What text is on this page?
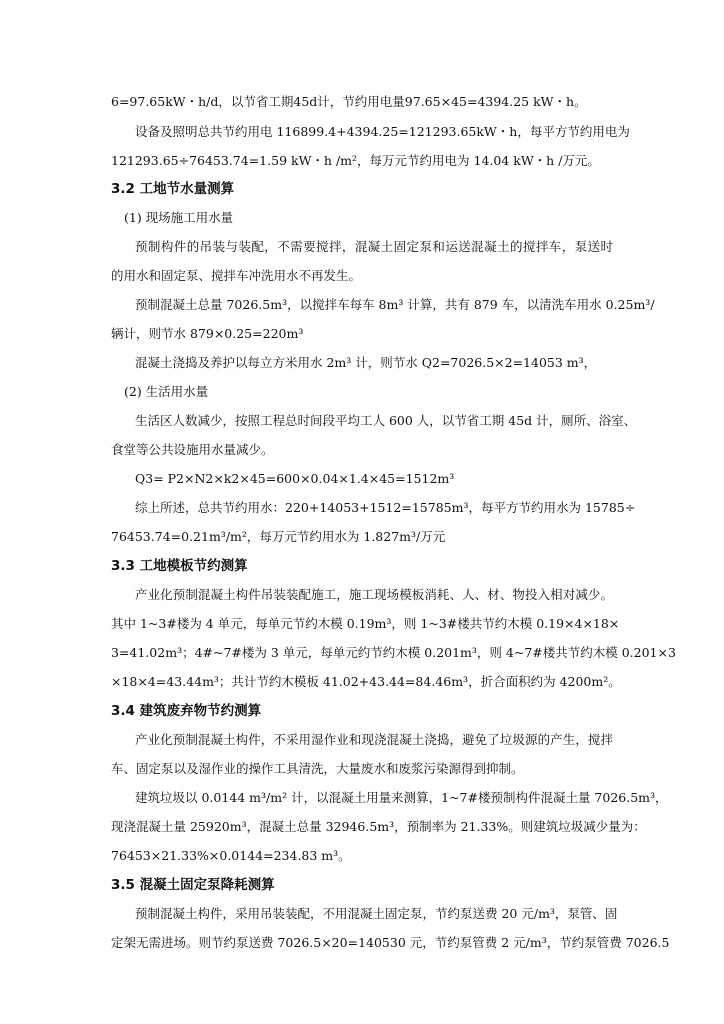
6=97.65kW・h/d，以节省工期45d计，节约用电量97.65×45=4394.25 kW・h。
设备及照明总共节约用电 116899.4+4394.25=121293.65kW・h，每平方节约用电为
121293.65÷76453.74=1.59 kW・h /m²，每万元节约用电为 14.04 kW・h /万元。
3.2 工地节水量测算
(1) 现场施工用水量
预制构件的吊装与装配，不需要搅拌，混凝土固定泵和运送混凝土的搅拌车，泵送时
的用水和固定泵、搅拌车冲洗用水不再发生。
预制混凝土总量 7026.5m³，以搅拌车每车 8m³ 计算，共有 879 车，以清洗车用水 0.25m³/
辆计，则节水 879×0.25=220m³
混凝土浇捣及养护以每立方米用水 2m³ 计，则节水 Q2=7026.5×2=14053 m³，
(2) 生活用水量
生活区人数减少，按照工程总时间段平均工人 600 人，以节省工期 45d 计，厕所、浴室、
食堂等公共设施用水量减少。
Q3= P2×N2×k2×45=600×0.04×1.4×45=1512m³
综上所述，总共节约用水：220+14053+1512=15785m³，每平方节约用水为 15785÷
76453.74=0.21m³/m²，每万元节约用水为 1.827m³/万元
3.3 工地模板节约测算
产业化预制混凝土构件吊装装配施工，施工现场模板消耗、人、材、物投入相对减少。
其中 1~3#楼为 4 单元，每单元节约木模 0.19m³，则 1~3#楼共节约木模 0.19×4×18×
3=41.02m³；4#~7#楼为 3 单元，每单元约节约木模 0.201m³，则 4~7#楼共节约木模 0.201×3
×18×4=43.44m³；共计节约木模板 41.02+43.44=84.46m³，折合面积约为 4200m²。
3.4 建筑废弃物节约测算
产业化预制混凝土构件，不采用湿作业和现浇混凝土浇捣，避免了垃圾源的产生，搅拌
车、固定泵以及湿作业的操作工具清洗，大量废水和废浆污染源得到抑制。
建筑垃圾以 0.0144 m³/m² 计，以混凝土用量来测算，1~7#楼预制构件混凝土量 7026.5m³，
现浇混凝土量 25920m³，混凝土总量 32946.5m³，预制率为 21.33%。则建筑垃圾减少量为：
76453×21.33%×0.0144=234.83 m³。
3.5 混凝土固定泵降耗测算
预制混凝土构件，采用吊装装配，不用混凝土固定泵，节约泵送费 20 元/m³，泵管、固
定架无需进场。则节约泵送费 7026.5×20=140530 元，节约泵管费 2 元/m³，节约泵管费 7026.5
